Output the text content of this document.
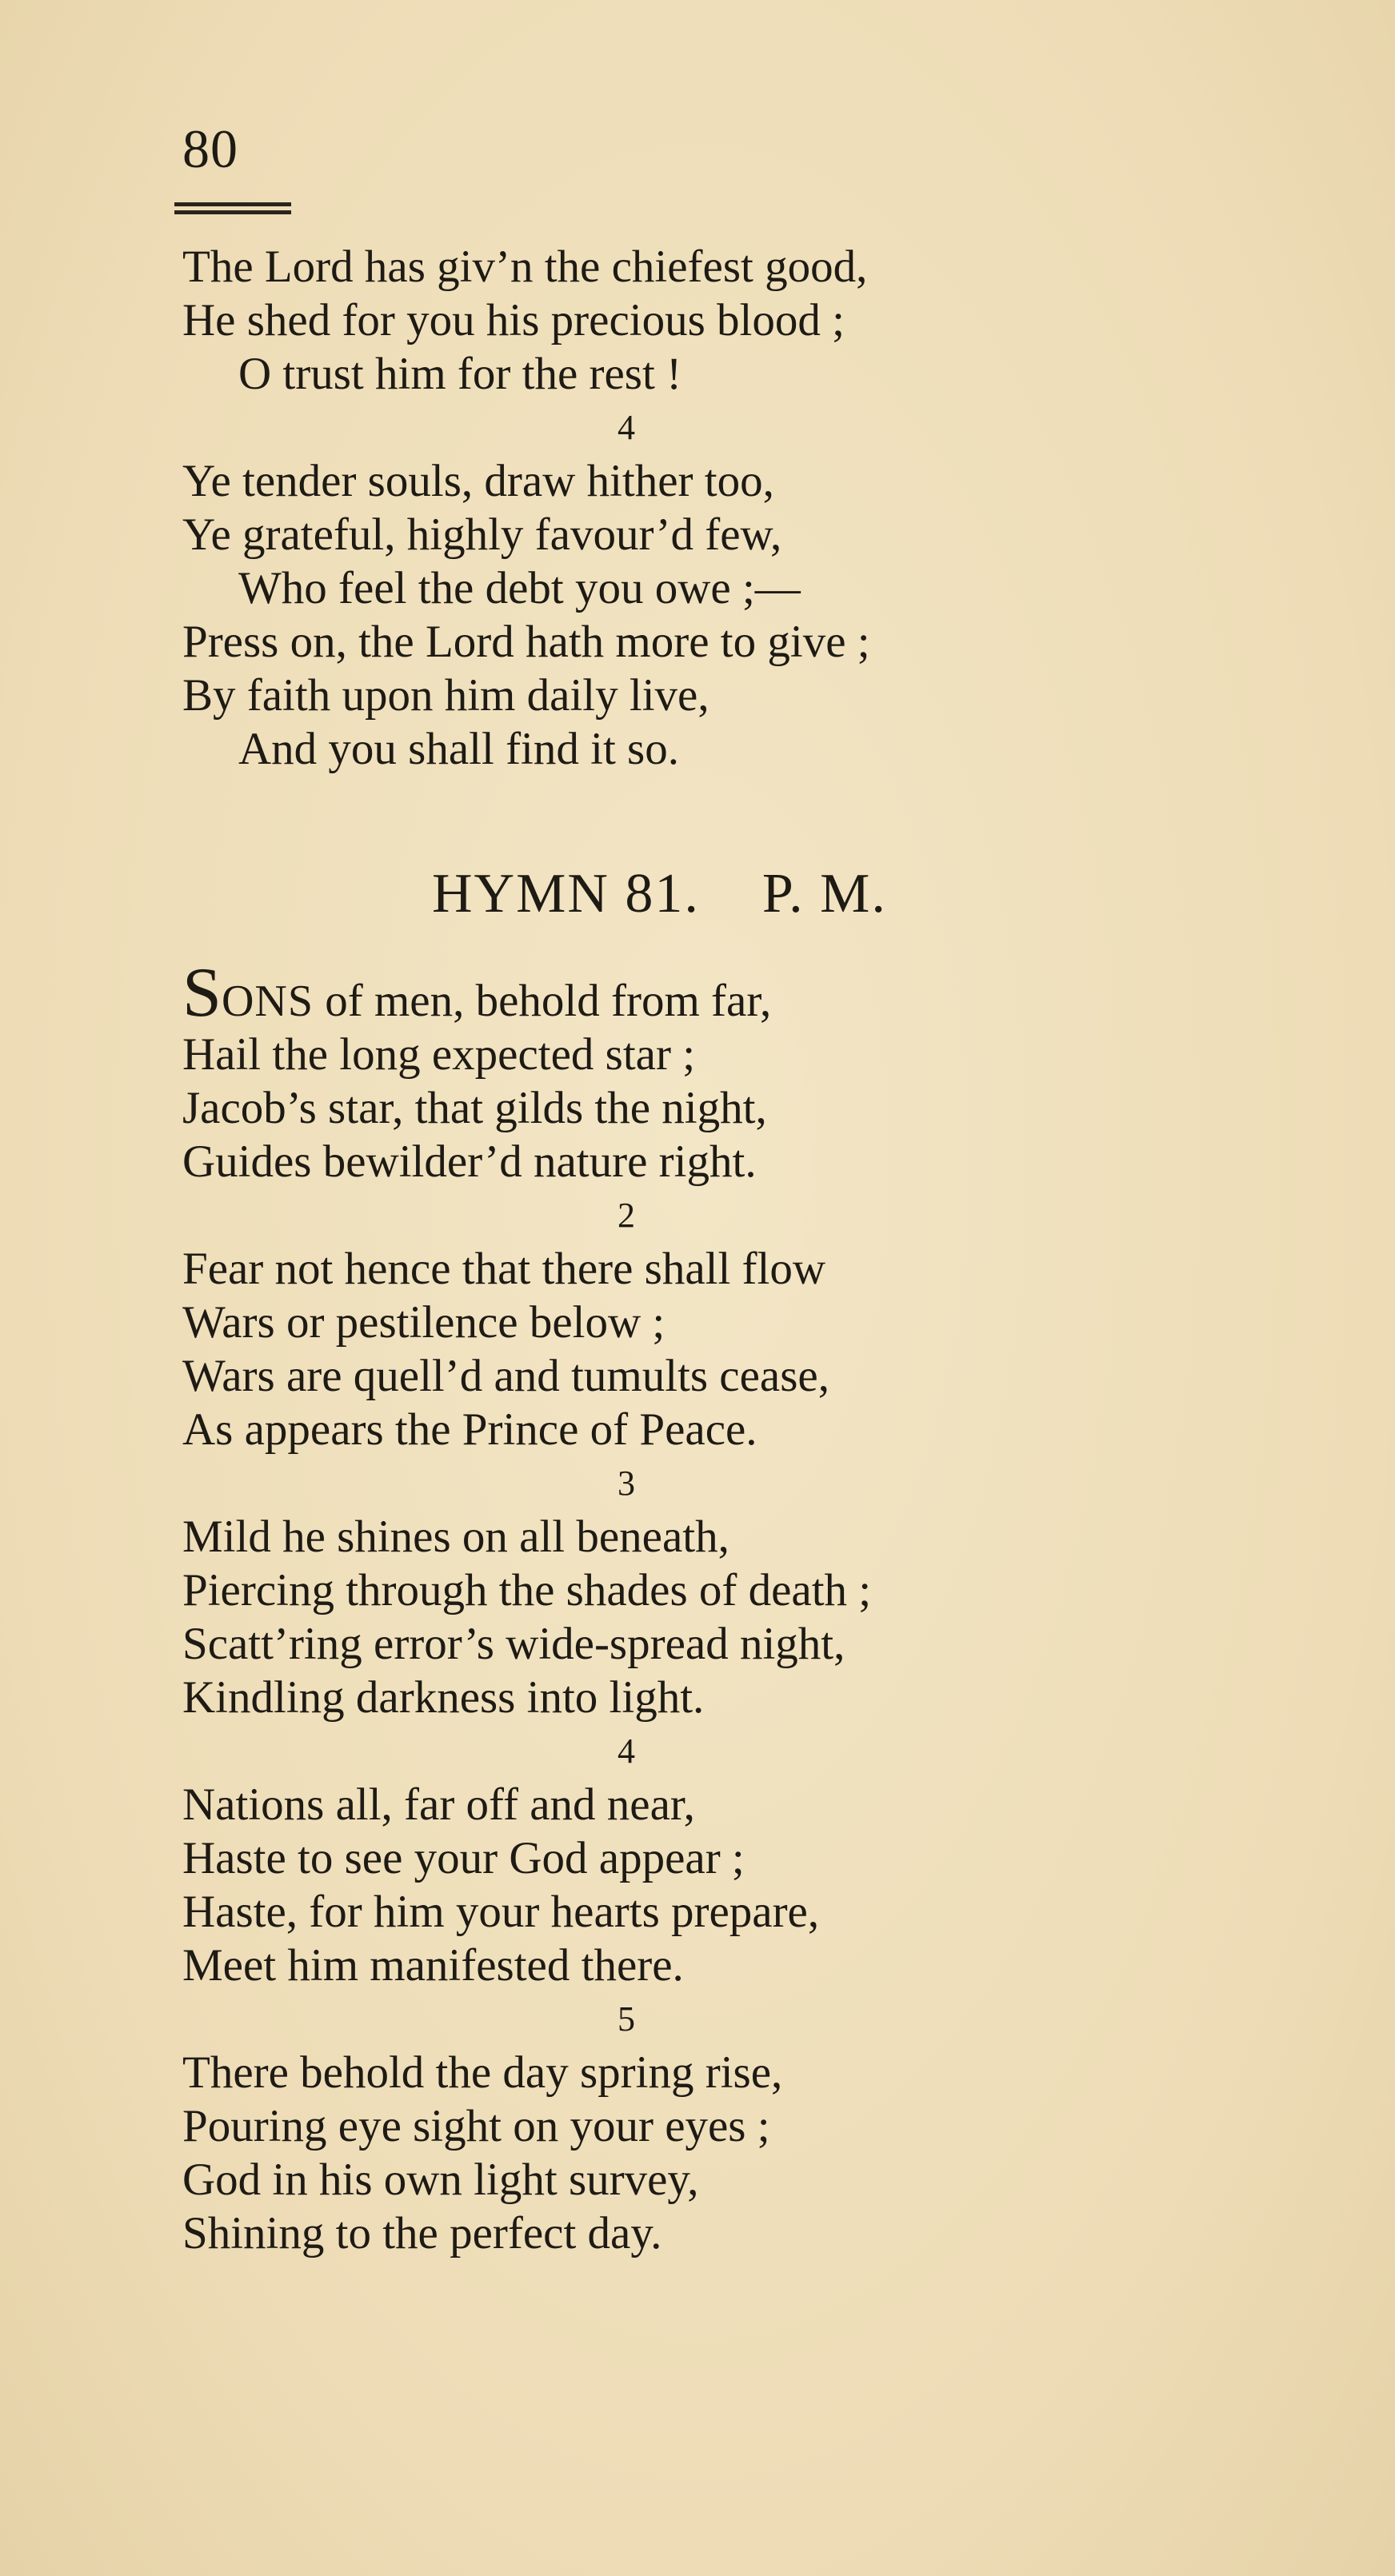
80
The Lord has giv’n the chiefest good,
He shed for you his precious blood ;
O trust him for the rest !
4
Ye tender souls, draw hither too,
Ye grateful, highly favour’d few,
Who feel the debt you owe ;—
Press on, the Lord hath more to give ;
By faith upon him daily live,
And you shall find it so.
HYMN 81. P. M.
SONS of men, behold from far,
Hail the long expected star ;
Jacob’s star, that gilds the night,
Guides bewilder’d nature right.
2
Fear not hence that there shall flow
Wars or pestilence below ;
Wars are quell’d and tumults cease,
As appears the Prince of Peace.
3
Mild he shines on all beneath,
Piercing through the shades of death ;
Scatt’ring error’s wide-spread night,
Kindling darkness into light.
4
Nations all, far off and near,
Haste to see your God appear ;
Haste, for him your hearts prepare,
Meet him manifested there.
5
There behold the day spring rise,
Pouring eye sight on your eyes ;
God in his own light survey,
Shining to the perfect day.
